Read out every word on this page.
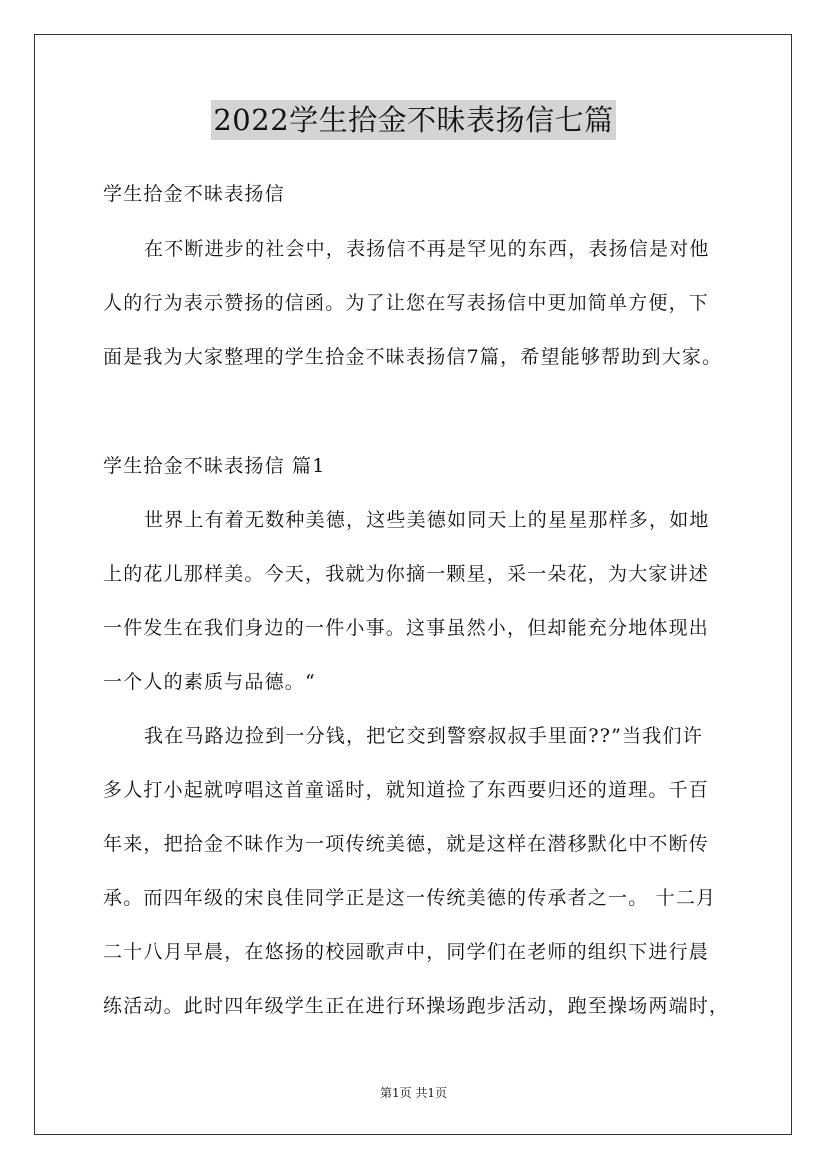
2022学生拾金不昧表扬信七篇
学生拾金不昧表扬信
在不断进步的社会中，表扬信不再是罕见的东西，表扬信是对他
人的行为表示赞扬的信函。为了让您在写表扬信中更加简单方便，下
面是我为大家整理的学生拾金不昧表扬信7篇，希望能够帮助到大家。
学生拾金不昧表扬信 篇1
世界上有着无数种美德，这些美德如同天上的星星那样多，如地
上的花儿那样美。今天，我就为你摘一颗星，采一朵花，为大家讲述
一件发生在我们身边的一件小事。这事虽然小，但却能充分地体现出
一个人的素质与品德。“
我在马路边捡到一分钱，把它交到警察叔叔手里面??”当我们许
多人打小起就哼唱这首童谣时，就知道捡了东西要归还的道理。千百
年来，把拾金不昧作为一项传统美德，就是这样在潜移默化中不断传
承。而四年级的宋良佳同学正是这一传统美德的传承者之一。 十二月
二十八月早晨，在悠扬的校园歌声中，同学们在老师的组织下进行晨
练活动。此时四年级学生正在进行环操场跑步活动，跑至操场两端时，
第1页 共1页
